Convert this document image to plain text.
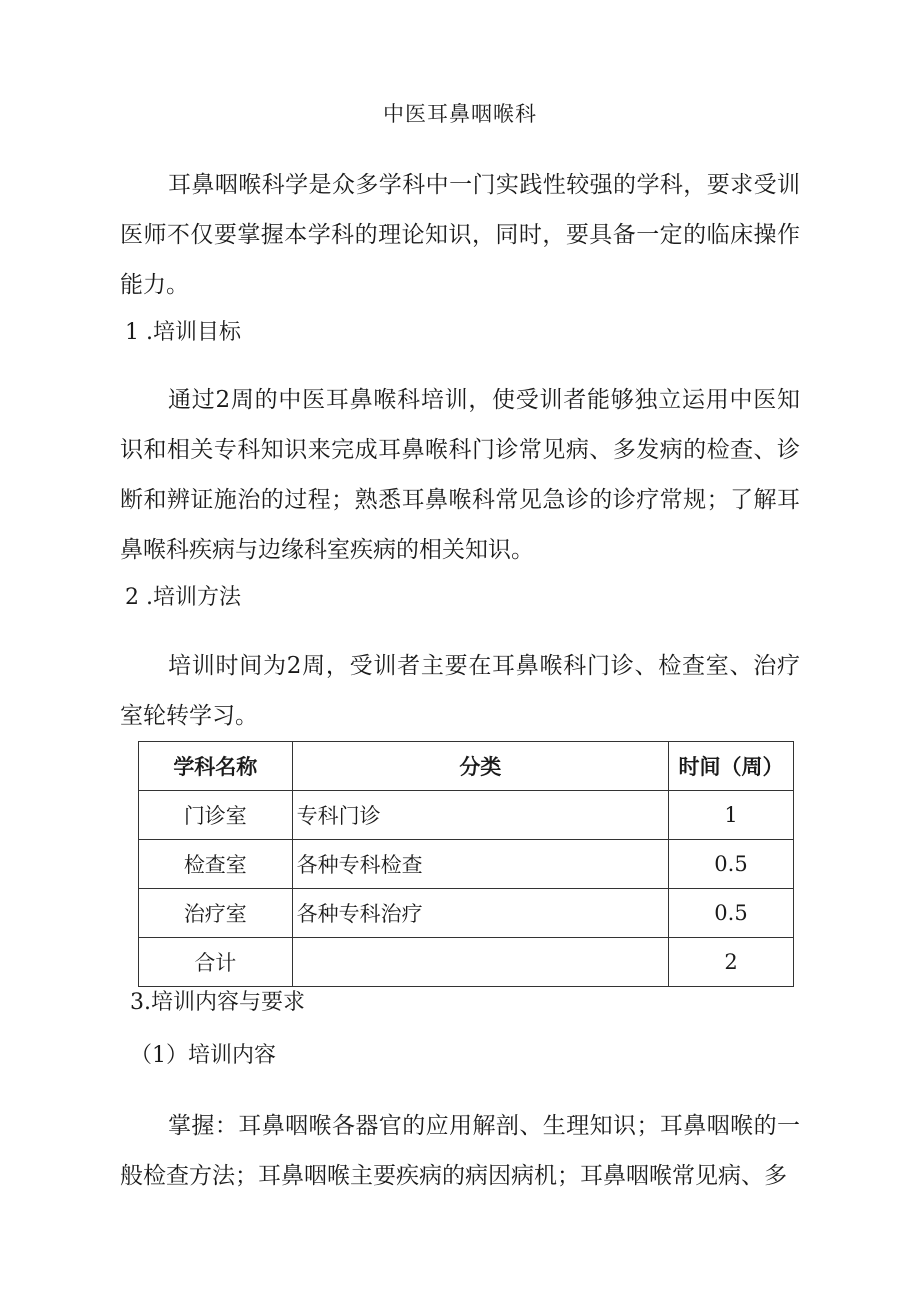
中医耳鼻咽喉科
耳鼻咽喉科学是众多学科中一门实践性较强的学科，要求受训医师不仅要掌握本学科的理论知识，同时，要具备一定的临床操作能力。
1 .培训目标
通过2周的中医耳鼻喉科培训，使受训者能够独立运用中医知识和相关专科知识来完成耳鼻喉科门诊常见病、多发病的检查、诊断和辨证施治的过程；熟悉耳鼻喉科常见急诊的诊疗常规；了解耳鼻喉科疾病与边缘科室疾病的相关知识。
2 .培训方法
培训时间为2周，受训者主要在耳鼻喉科门诊、检查室、治疗室轮转学习。
学科名称	分类	时间（周）
门诊室	专科门诊	1
检查室	各种专科检查	0.5
治疗室	各种专科治疗	0.5
合计		2
3.培训内容与要求
（1）培训内容
掌握：耳鼻咽喉各器官的应用解剖、生理知识；耳鼻咽喉的一般检查方法；耳鼻咽喉主要疾病的病因病机；耳鼻咽喉常见病、多
